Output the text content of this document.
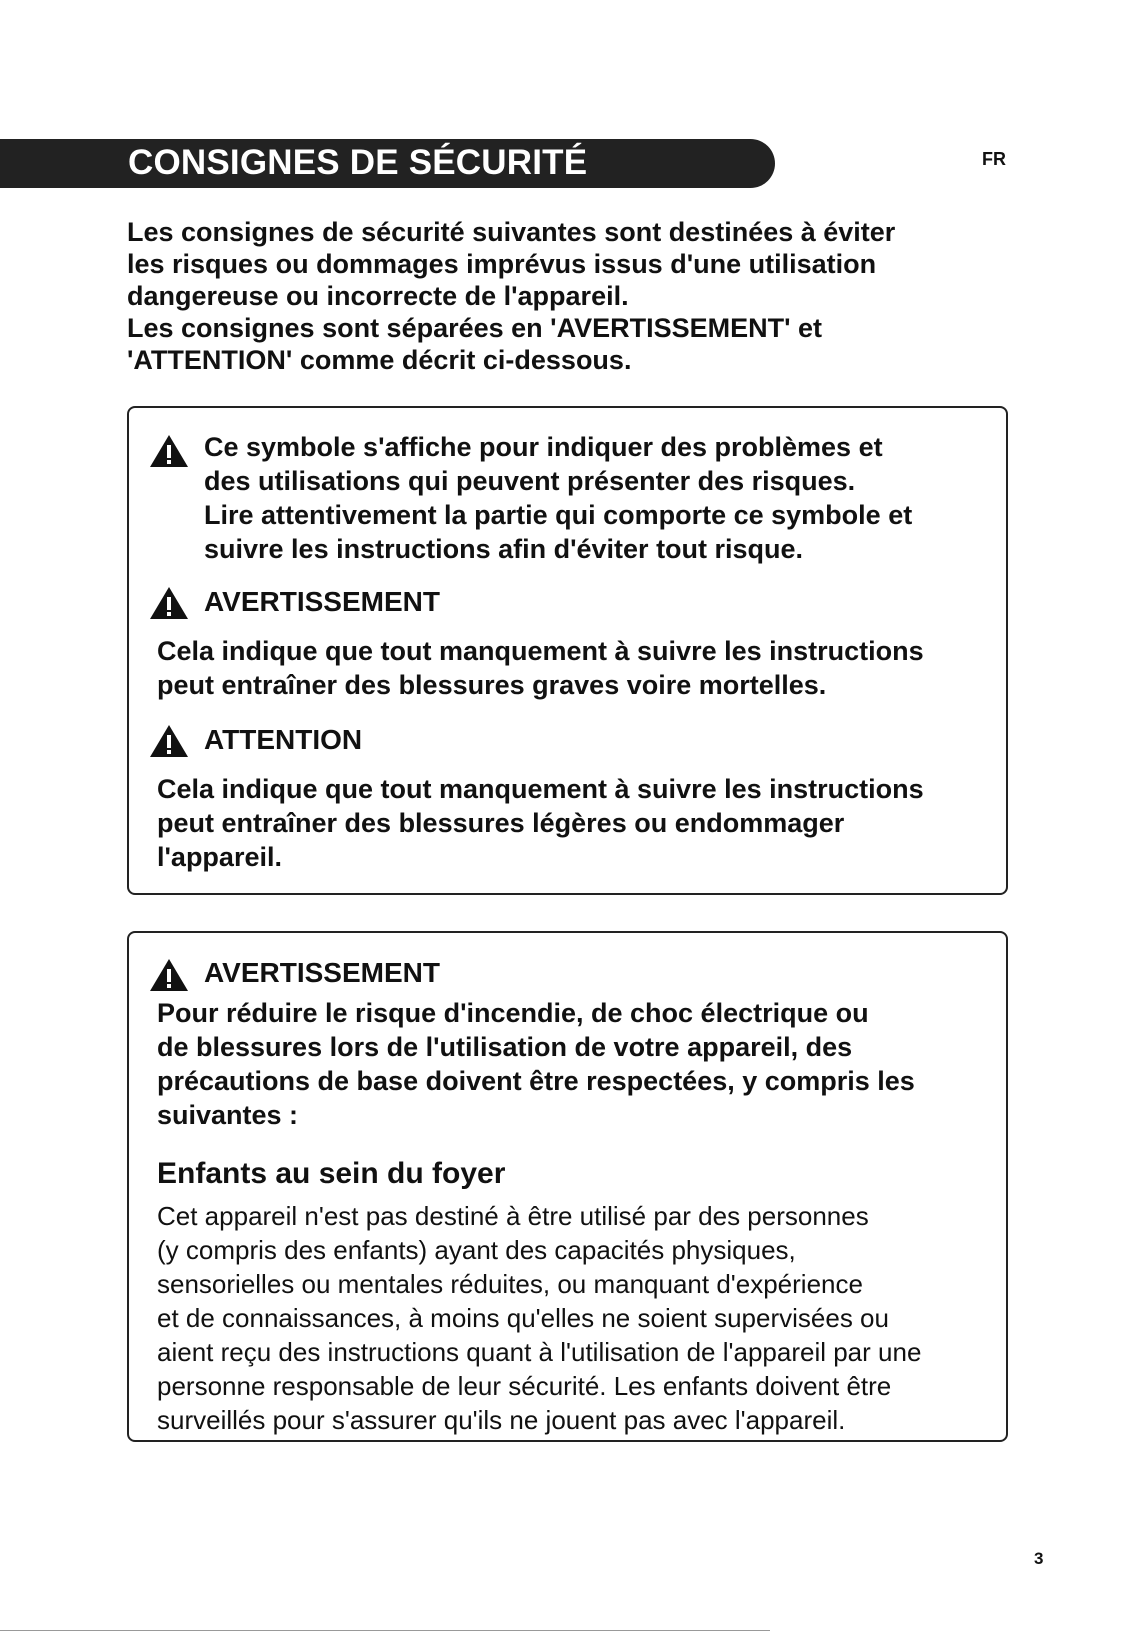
CONSIGNES DE SÉCURITÉ	FR

Les consignes de sécurité suivantes sont destinées à éviter

les risques ou dommages imprévus issus d'une utilisation

dangereuse ou incorrecte de l'appareil.

Les consignes sont séparées en 'AVERTISSEMENT' et

'ATTENTION' comme décrit ci-dessous.

Ce symbole s'affiche pour indiquer des problèmes et

des utilisations qui peuvent présenter des risques.

Lire attentivement la partie qui comporte ce symbole et

suivre les instructions afin d'éviter tout risque.

AVERTISSEMENT

Cela indique que tout manquement à suivre les instructions

peut entraîner des blessures graves voire mortelles.

ATTENTION

Cela indique que tout manquement à suivre les instructions

peut entraîner des blessures légères ou endommager

l'appareil.

AVERTISSEMENT

Pour réduire le risque d'incendie, de choc électrique ou

de blessures lors de l'utilisation de votre appareil, des

précautions de base doivent être respectées, y compris les

suivantes :

Enfants au sein du foyer

Cet appareil n'est pas destiné à être utilisé par des personnes

(y compris des enfants) ayant des capacités physiques,

sensorielles ou mentales réduites, ou manquant d'expérience

et de connaissances, à moins qu'elles ne soient supervisées ou

aient reçu des instructions quant à l'utilisation de l'appareil par une

personne responsable de leur sécurité. Les enfants doivent être

surveillés pour s'assurer qu'ils ne jouent pas avec l'appareil.

3
